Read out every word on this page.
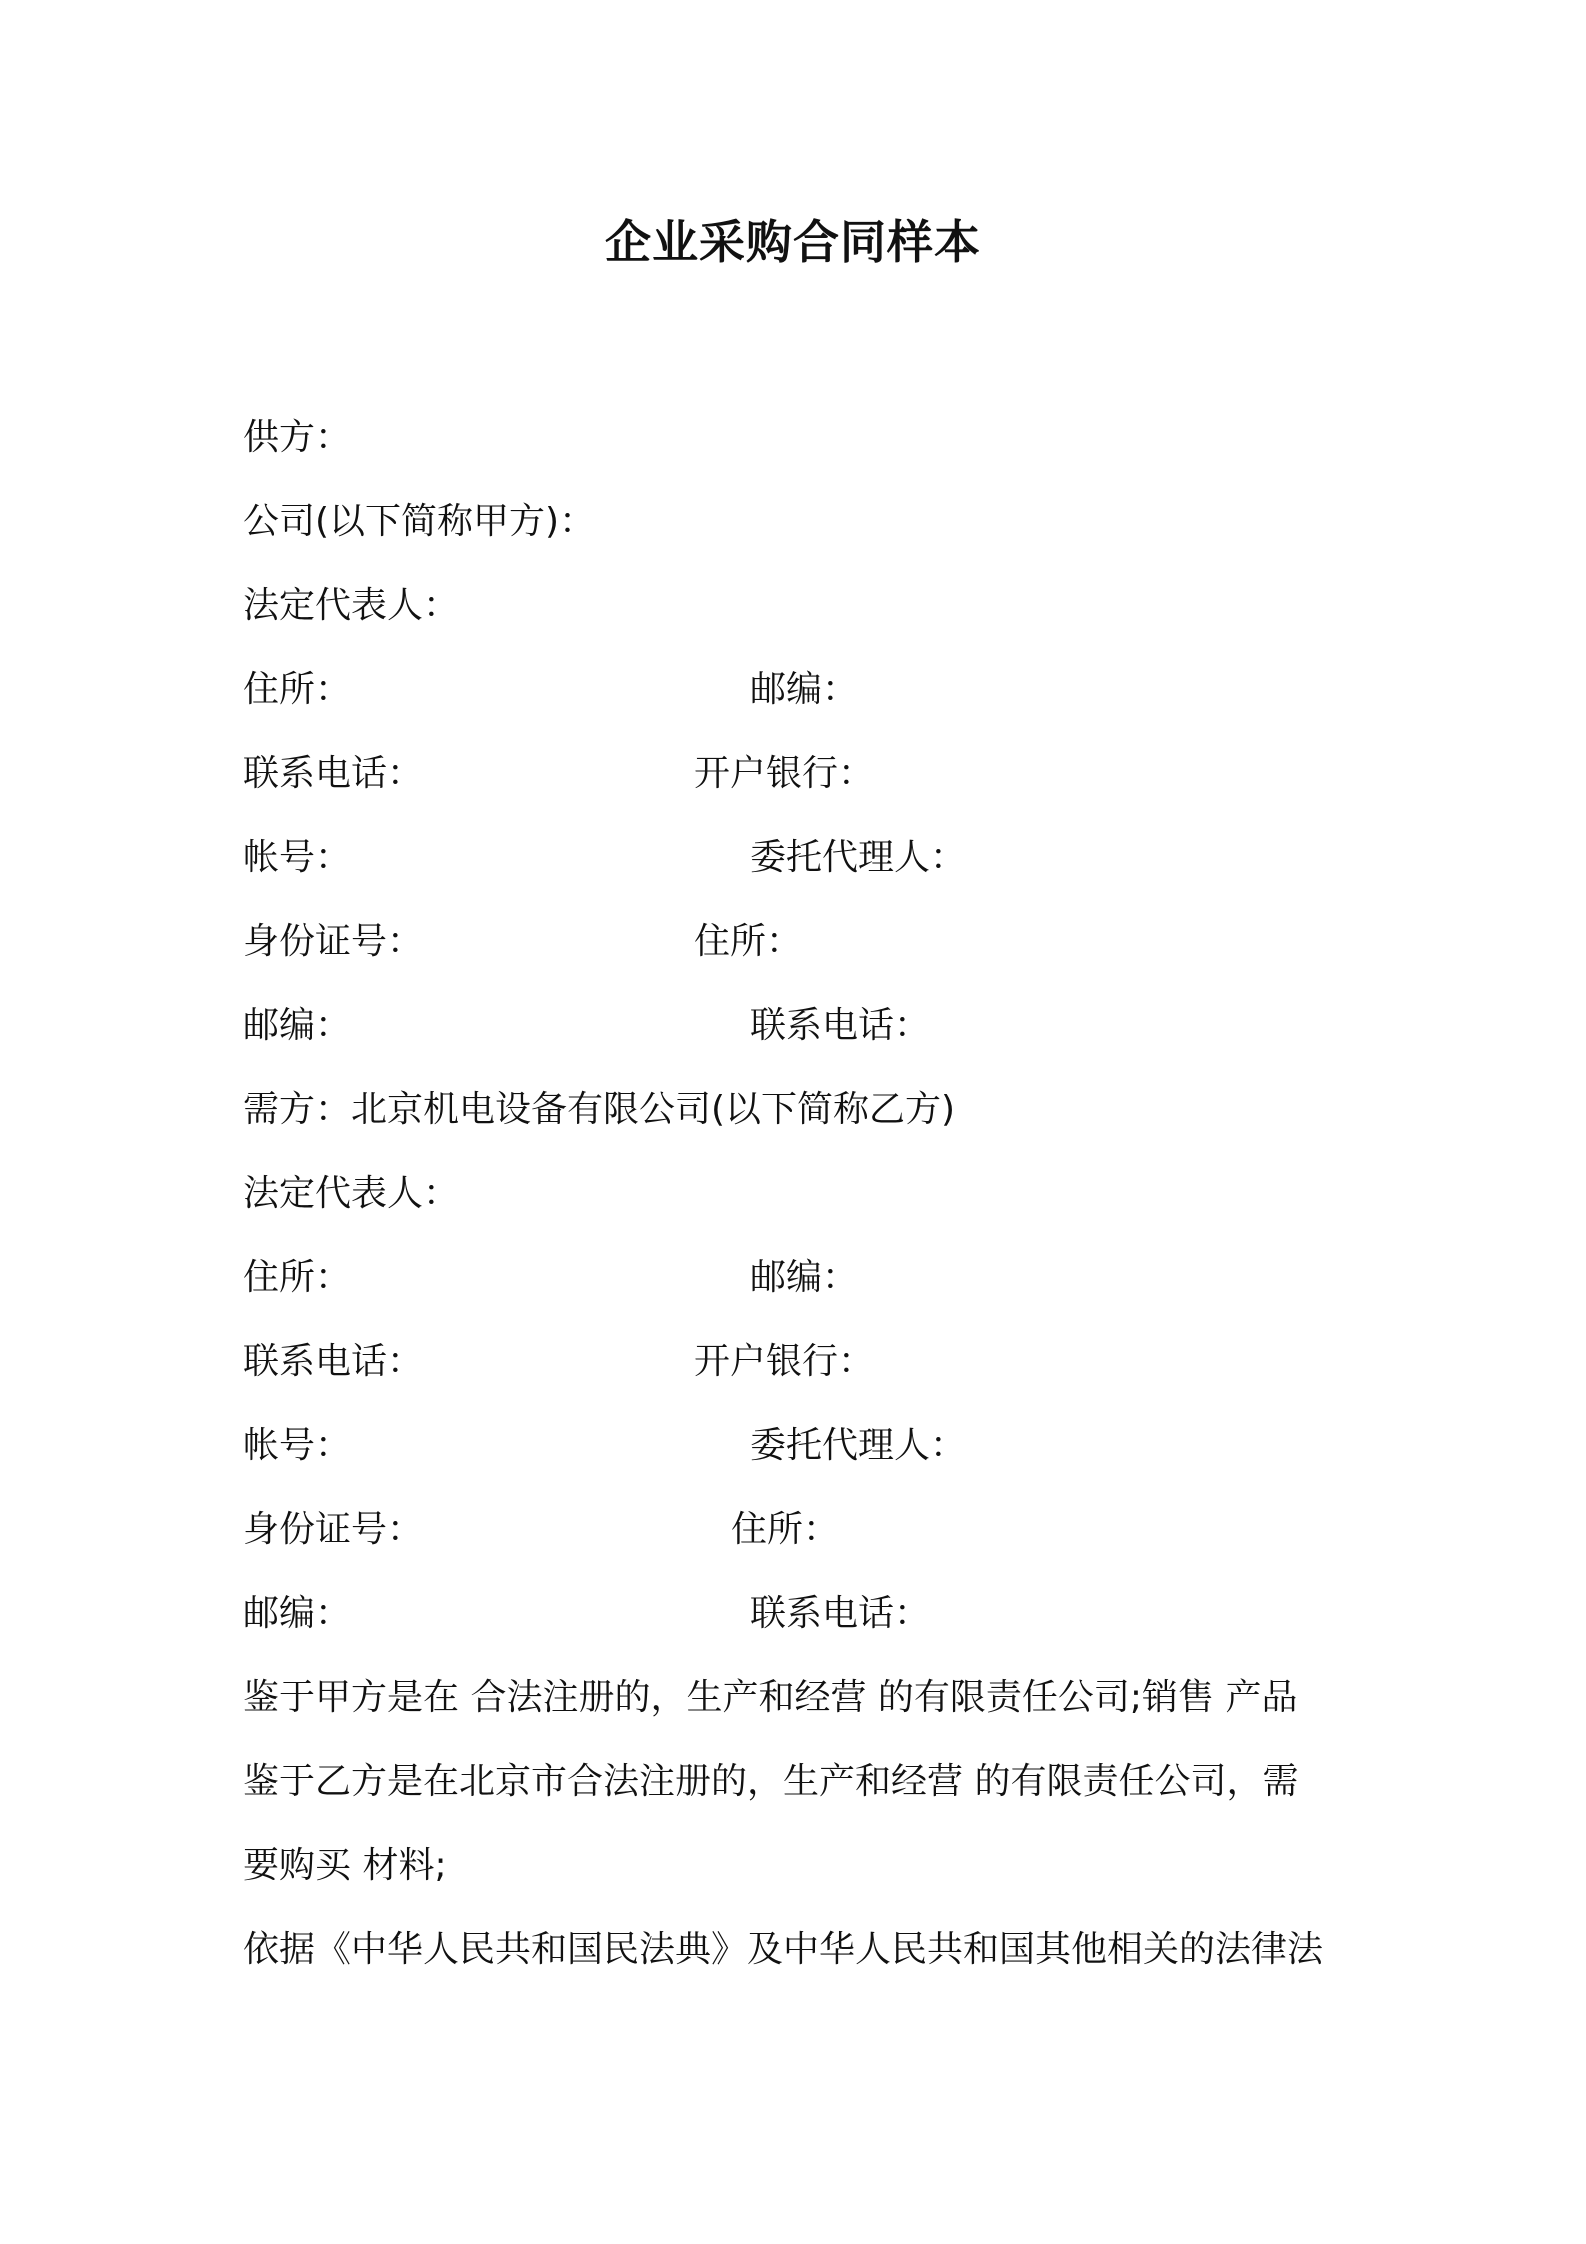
企业采购合同样本
供方：
公司(以下简称甲方)：
法定代表人：
住所：	邮编：
联系电话：	开户银行：
帐号：	委托代理人：
身份证号：	住所：
邮编：	联系电话：
需方：北京机电设备有限公司(以下简称乙方)
法定代表人：
住所：	邮编：
联系电话：	开户银行：
帐号：	委托代理人：
身份证号：	住所：
邮编：	联系电话：
鉴于甲方是在 合法注册的，生产和经营 的有限责任公司;销售 产品
鉴于乙方是在北京市合法注册的，生产和经营 的有限责任公司，需
要购买 材料;
依据《中华人民共和国民法典》及中华人民共和国其他相关的法律法
